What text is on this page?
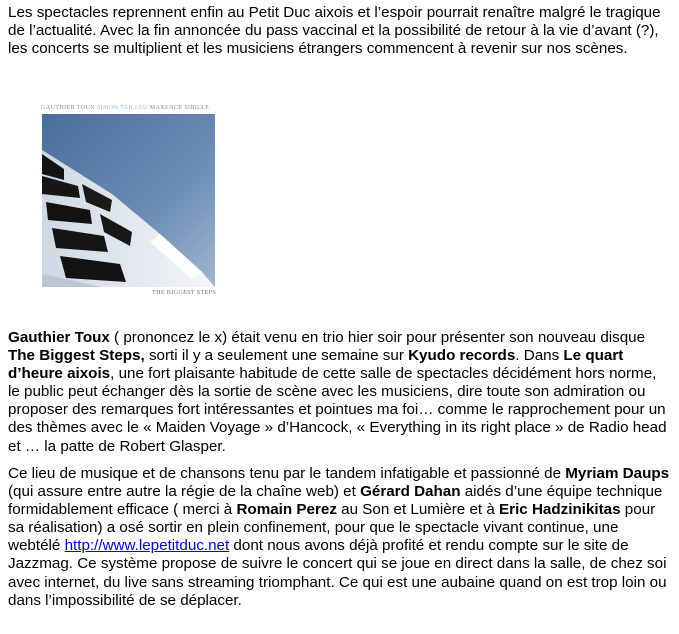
Les spectacles reprennent enfin au Petit Duc aixois et l’espoir pourrait renaître malgré le tragique de l’actualité. Avec la fin annoncée du pass vaccinal et la possibilité de retour à la vie d’avant (?), les concerts se multiplient et les musiciens étrangers commencent à revenir sur nos scènes.

GAUTHIER TOUX SIMON TAILLEU MAXENCE SIBILLE
THE BIGGEST STEPS

Gauthier Toux ( prononcez le x) était venu en trio hier soir pour présenter son nouveau disque The Biggest Steps, sorti il y a seulement une semaine sur Kyudo records. Dans Le quart d’heure aixois, une fort plaisante habitude de cette salle de spectacles décidément hors norme, le public peut échanger dès la sortie de scène avec les musiciens, dire toute son admiration ou proposer des remarques fort intéressantes et pointues ma foi… comme le rapprochement pour un des thèmes avec le « Maiden Voyage » d’Hancock, « Everything in its right place » de Radio head et … la patte de Robert Glasper.

Ce lieu de musique et de chansons tenu par le tandem infatigable et passionné de Myriam Daups (qui assure entre autre la régie de la chaîne web) et Gérard Dahan aidés d’une équipe technique formidablement efficace ( merci à Romain Perez au Son et Lumière et à Eric Hadzinikitas pour sa réalisation) a osé sortir en plein confinement, pour que le spectacle vivant continue, une webtélé http://www.lepetitduc.net dont nous avons déjà profité et rendu compte sur le site de Jazzmag. Ce système propose de suivre le concert qui se joue en direct dans la salle, de chez soi avec internet, du live sans streaming triomphant. Ce qui est une aubaine quand on est trop loin ou dans l’impossibilité de se déplacer.
